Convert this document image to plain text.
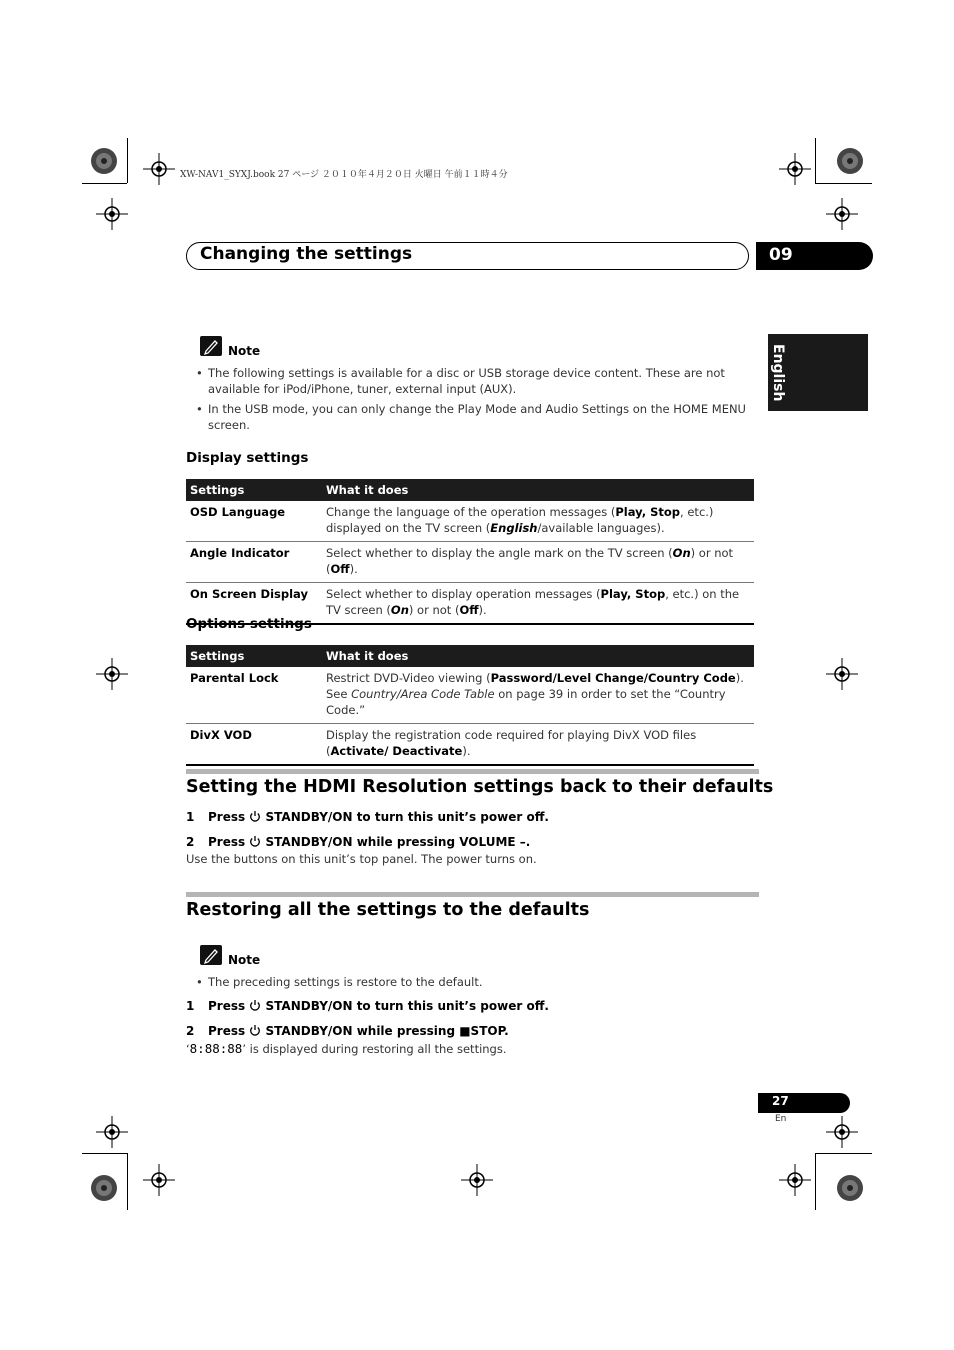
XW-NAV1_SYXJ.book 27 ページ ２０１０年４月２０日 火曜日 午前１１時４分
Changing the settings	09
English
Note
• The following settings is available for a disc or USB storage device content. These are not available for iPod/iPhone, tuner, external input (AUX).
• In the USB mode, you can only change the Play Mode and Audio Settings on the HOME MENU screen.
Display settings
Settings	What it does
OSD Language	Change the language of the operation messages (Play, Stop, etc.) displayed on the TV screen (English/available languages).
Angle Indicator	Select whether to display the angle mark on the TV screen (On) or not (Off).
On Screen Display	Select whether to display operation messages (Play, Stop, etc.) on the TV screen (On) or not (Off).
Options settings
Settings	What it does
Parental Lock	Restrict DVD-Video viewing (Password/Level Change/Country Code). See Country/Area Code Table on page 39 in order to set the “Country Code.”
DivX VOD	Display the registration code required for playing DivX VOD files (Activate/ Deactivate).
Setting the HDMI Resolution settings back to their defaults
1 Press STANDBY/ON to turn this unit’s power off.
2 Press STANDBY/ON while pressing VOLUME –.
Use the buttons on this unit’s top panel. The power turns on.
Restoring all the settings to the defaults
Note
• The preceding settings is restore to the default.
1 Press STANDBY/ON to turn this unit’s power off.
2 Press STANDBY/ON while pressing ■STOP.
‘8:88:88’ is displayed during restoring all the settings.
27
En
